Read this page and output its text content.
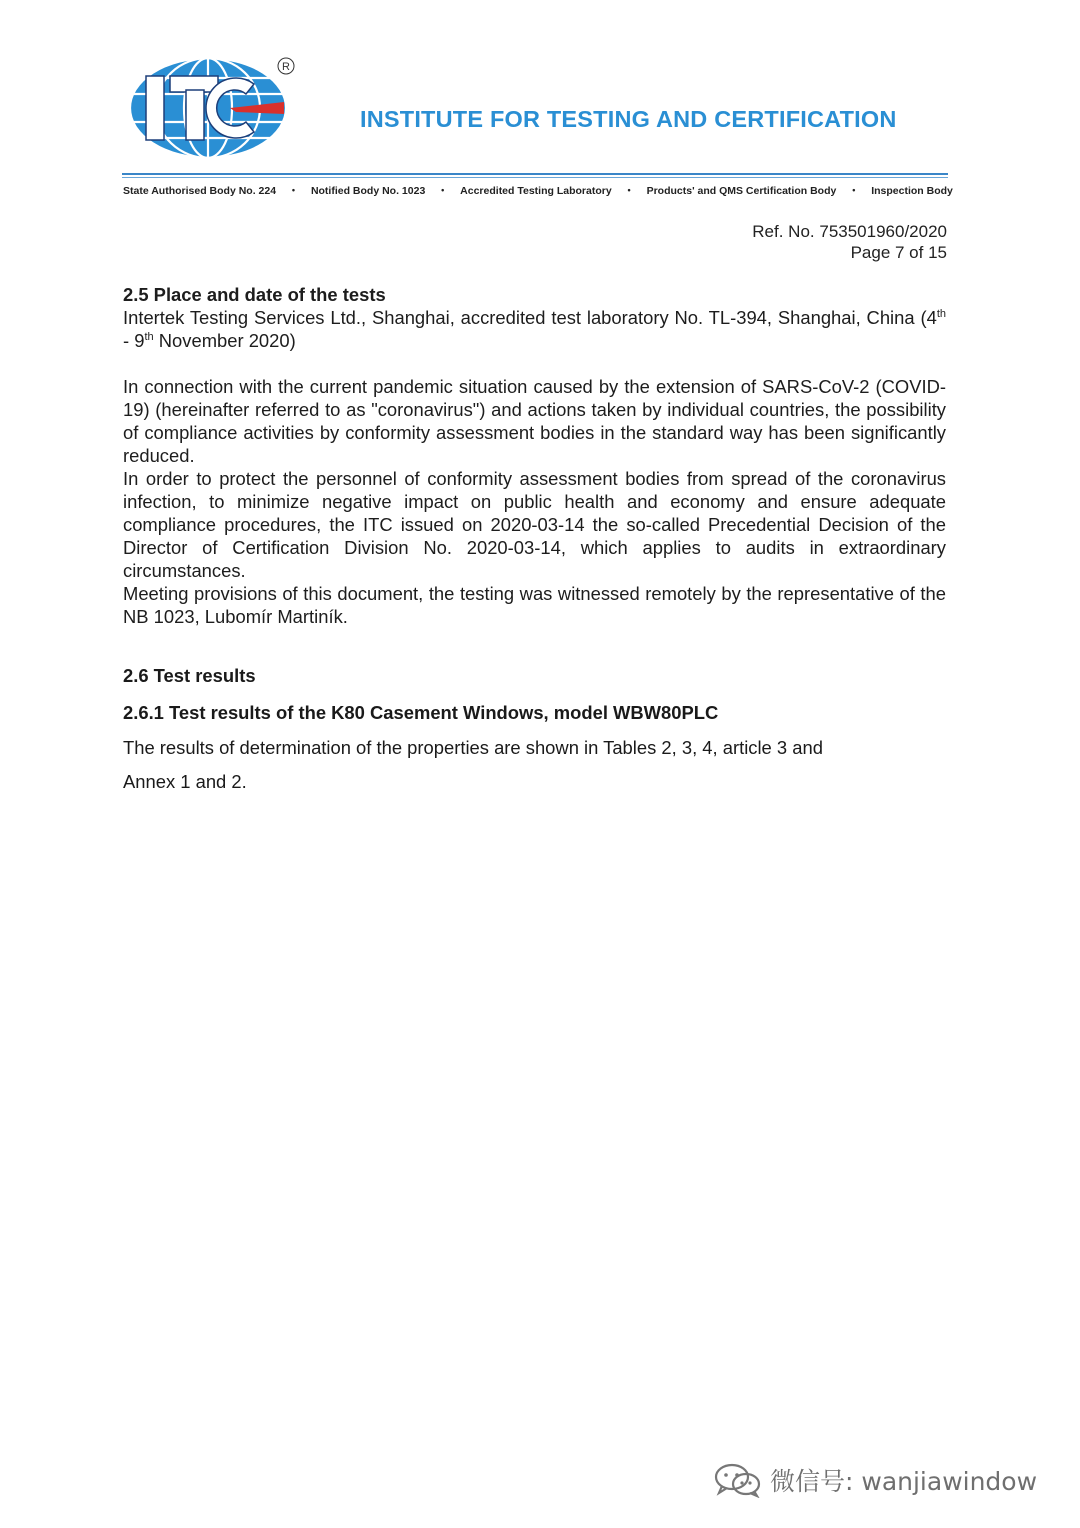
R
ITC
INSTITUTE FOR TESTING AND CERTIFICATION
State Authorised Body No. 224 • Notified Body No. 1023 • Accredited Testing Laboratory • Products' and QMS Certification Body • Inspection Body
Ref. No. 753501960/2020
Page 7 of 15
2.5 Place and date of the tests

Intertek Testing Services Ltd., Shanghai, accredited test laboratory No. TL-394, Shanghai, China (4th - 9th November 2020)

In connection with the current pandemic situation caused by the extension of SARS-CoV-2 (COVID-19) (hereinafter referred to as "coronavirus") and actions taken by individual countries, the possibility of compliance activities by conformity assessment bodies in the standard way has been significantly reduced.

In order to protect the personnel of conformity assessment bodies from spread of the coronavirus infection, to minimize negative impact on public health and economy and ensure adequate compliance procedures, the ITC issued on 2020-03-14 the so-called Precedential Decision of the Director of Certification Division No. 2020-03-14, which applies to audits in extraordinary circumstances.

Meeting provisions of this document, the testing was witnessed remotely by the representative of the NB 1023, Lubomír Martiník.

2.6 Test results
2.6.1 Test results of the K80 Casement Windows, model WBW80PLC
The results of determination of the properties are shown in Tables 2, 3, 4, article 3 and
Annex 1 and 2.
微信号: wanjiawindow
